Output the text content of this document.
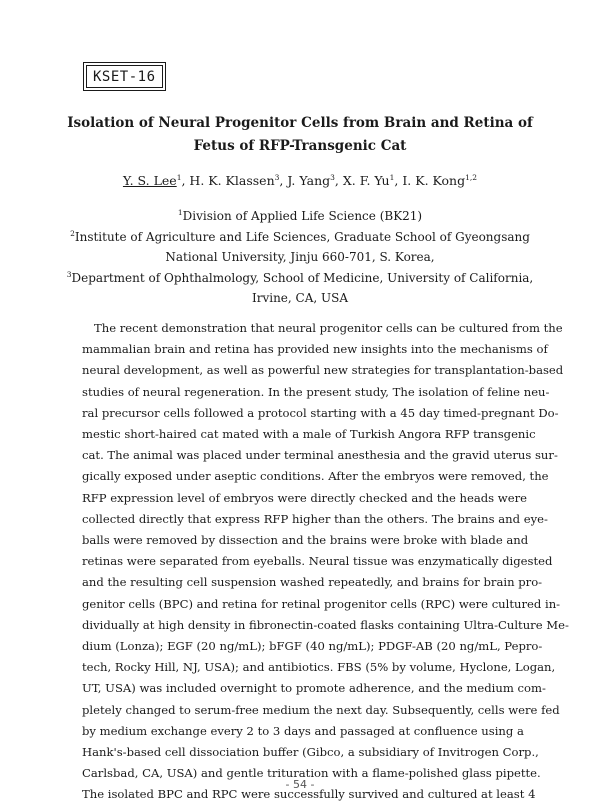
KSET-16
Isolation of Neural Progenitor Cells from Brain and Retina of
Fetus of RFP-Transgenic Cat
Y. S. Lee$^1$, H. K. Klassen$^3$, J. Yang$^3$, X. F. Yu$^1$, I. K. Kong$^{1,2}$
$^1$Division of Applied Life Science (BK21)
$^2$Institute of Agriculture and Life Sciences, Graduate School of Gyeongsang
National University, Jinju 660-701, S. Korea,
$^3$Department of Ophthalmology, School of Medicine, University of California,
Irvine, CA, USA
The recent demonstration that neural progenitor cells can be cultured from the
mammalian brain and retina has provided new insights into the mechanisms of
neural development, as well as powerful new strategies for transplantation-based
studies of neural regeneration. In the present study, The isolation of feline neu-
ral precursor cells followed a protocol starting with a 45 day timed-pregnant Do-
mestic short-haired cat mated with a male of Turkish Angora RFP transgenic
cat. The animal was placed under terminal anesthesia and the gravid uterus sur-
gically exposed under aseptic conditions. After the embryos were removed, the
RFP expression level of embryos were directly checked and the heads were
collected directly that express RFP higher than the others. The brains and eye-
balls were removed by dissection and the brains were broke with blade and
retinas were separated from eyeballs. Neural tissue was enzymatically digested
and the resulting cell suspension washed repeatedly, and brains for brain pro-
genitor cells (BPC) and retina for retinal progenitor cells (RPC) were cultured in-
dividually at high density in fibronectin-coated flasks containing Ultra-Culture Me-
dium (Lonza); EGF (20 ng/mL); bFGF (40 ng/mL); PDGF-AB (20 ng/mL, Pepro-
tech, Rocky Hill, NJ, USA); and antibiotics. FBS (5% by volume, Hyclone, Logan,
UT, USA) was included overnight to promote adherence, and the medium com-
pletely changed to serum-free medium the next day. Subsequently, cells were fed
by medium exchange every 2 to 3 days and passaged at confluence using a
Hank's-based cell dissociation buffer (Gibco, a subsidiary of Invitrogen Corp.,
Carlsbad, CA, USA) and gentle trituration with a flame-polished glass pipette.
The isolated BPC and RPC were successfully survived and cultured at least 4
- 54 -
